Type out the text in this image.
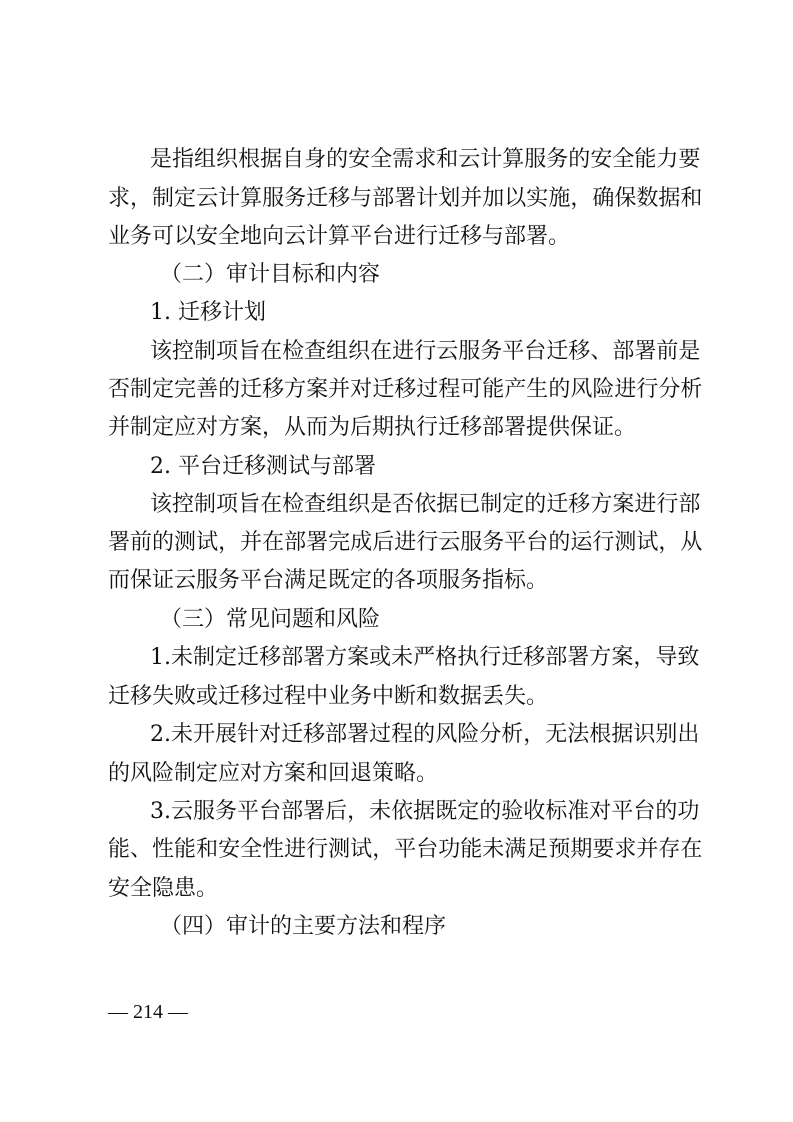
是 指 组 织 根 据 自 身 的 安 全 需 求 和 云 计 算 服 务 的 安 全 能 力 要
求 ， 制 定 云 计 算 服 务 迁 移 与 部 署 计 划 并 加 以 实 施 ， 确 保 数 据 和
业务可以安全地向云计算平台进行迁移与部署。
（二）审计目标和内容
1. 迁移计划
该 控 制 项 旨 在 检 查 组 织 在 进 行 云 服 务 平 台 迁 移 、 部 署 前 是
否 制 定 完 善 的 迁 移 方 案 并 对 迁 移 过 程 可 能 产 生 的 风 险 进 行 分 析
并制定应对方案，从而为后期执行迁移部署提供保证。
2. 平台迁移测试与部署
该 控 制 项 旨 在 检 查 组 织 是 否 依 据 已 制 定 的 迁 移 方 案 进 行 部
署 前 的 测 试 ， 并 在 部 署 完 成 后 进 行 云 服 务 平 台 的 运 行 测 试 ， 从
而保证云服务平台满足既定的各项服务指标。
（三）常见问题和风险
1 . 未 制 定 迁 移 部 署 方 案 或 未 严 格 执 行 迁 移 部 署 方 案 ， 导 致
迁移失败或迁移过程中业务中断和数据丢失。
2 . 未 开 展 针 对 迁 移 部 署 过 程 的 风 险 分 析 ， 无 法 根 据 识 别 出
的风险制定应对方案和回退策略。
3 . 云 服 务 平 台 部 署 后 ， 未 依 据 既 定 的 验 收 标 准 对 平 台 的 功
能 、 性 能 和 安 全 性 进 行 测 试 ， 平 台 功 能 未 满 足 预 期 要 求 并 存 在
安全隐患。
（四）审计的主要方法和程序
— 214 —
